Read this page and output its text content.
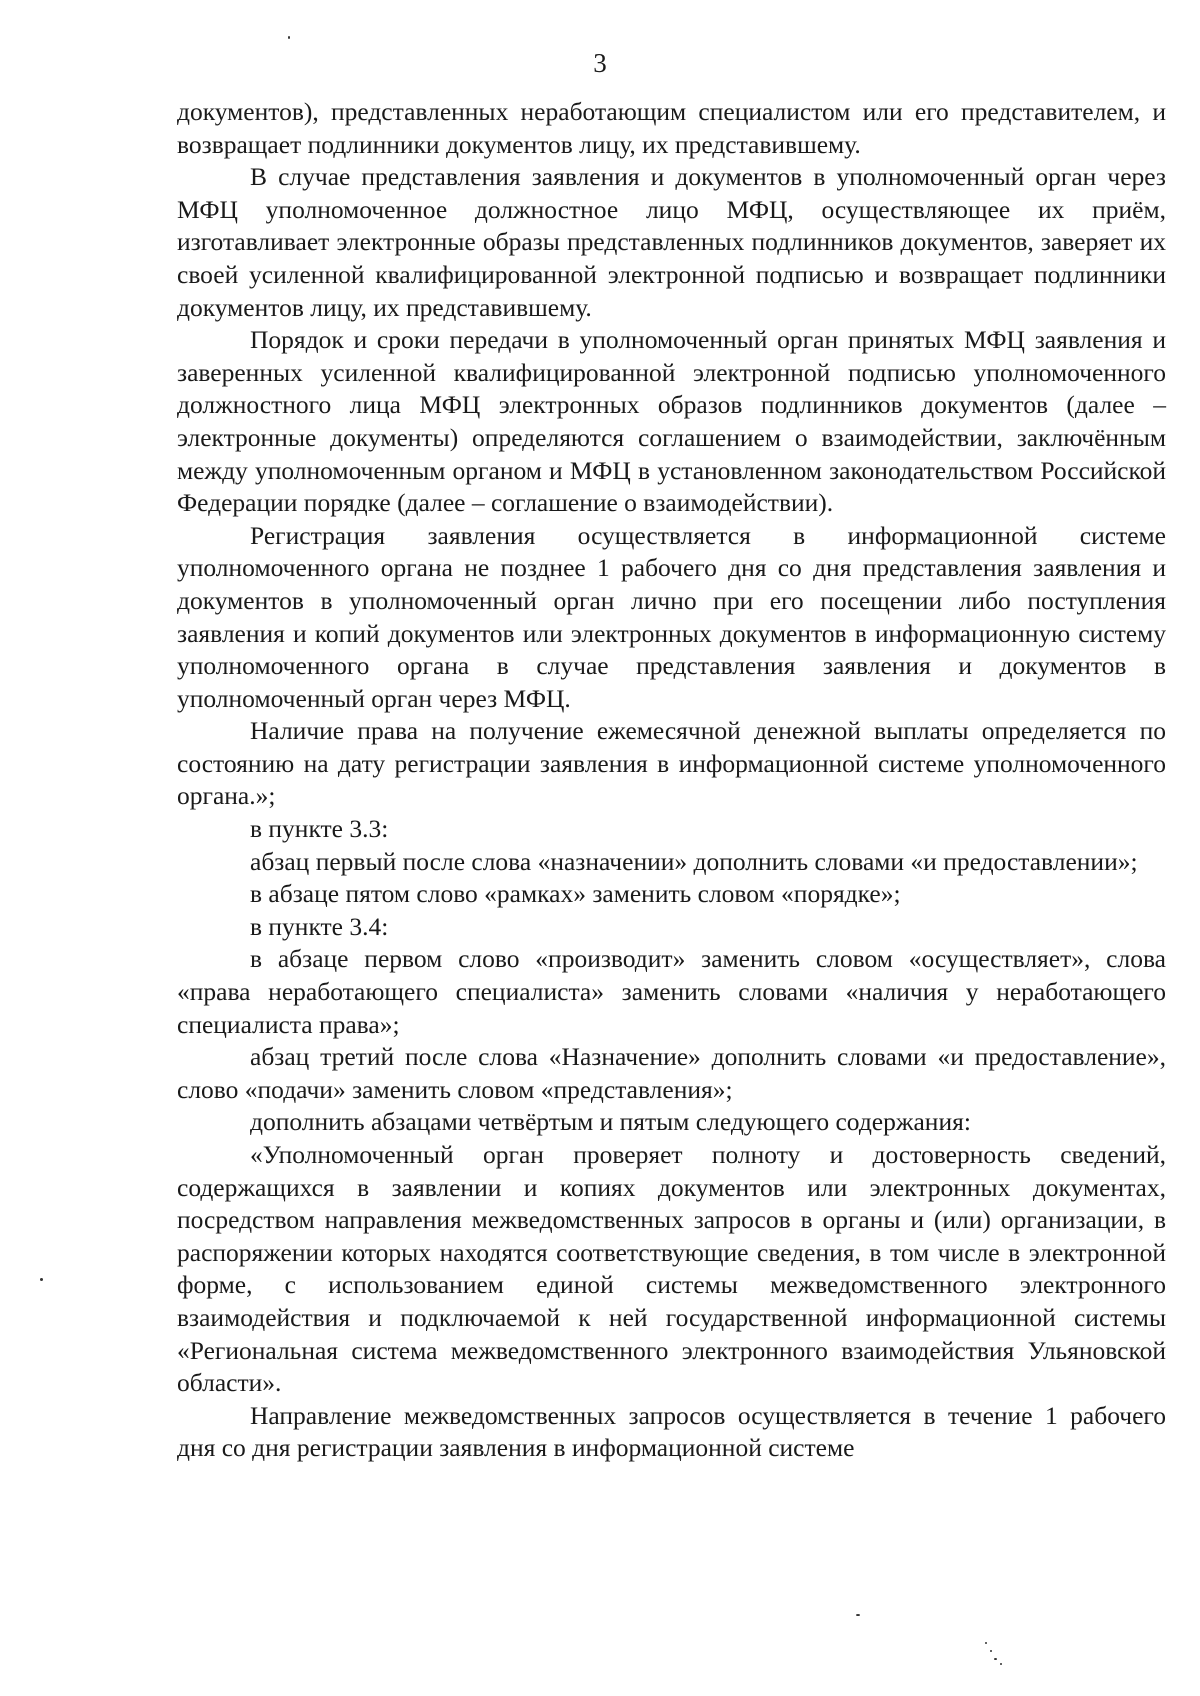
3

документов), представленных неработающим специалистом или его представителем, и возвращает подлинники документов лицу, их представившему.

В случае представления заявления и документов в уполномоченный орган через МФЦ уполномоченное должностное лицо МФЦ, осуществляющее их приём, изготавливает электронные образы представленных подлинников документов, заверяет их своей усиленной квалифицированной электронной подписью и возвращает подлинники документов лицу, их представившему.

Порядок и сроки передачи в уполномоченный орган принятых МФЦ заявления и заверенных усиленной квалифицированной электронной подписью уполномоченного должностного лица МФЦ электронных образов подлинников документов (далее – электронные документы) определяются соглашением о взаимодействии, заключённым между уполномоченным органом и МФЦ в установленном законодательством Российской Федерации порядке (далее – соглашение о взаимодействии).

Регистрация заявления осуществляется в информационной системе уполномоченного органа не позднее 1 рабочего дня со дня представления заявления и документов в уполномоченный орган лично при его посещении либо поступления заявления и копий документов или электронных документов в информационную систему уполномоченного органа в случае представления заявления и документов в уполномоченный орган через МФЦ.

Наличие права на получение ежемесячной денежной выплаты определяется по состоянию на дату регистрации заявления в информационной системе уполномоченного органа.»;

в пункте 3.3:

абзац первый после слова «назначении» дополнить словами «и предоставлении»;

в абзаце пятом слово «рамках» заменить словом «порядке»;

в пункте 3.4:

в абзаце первом слово «производит» заменить словом «осуществляет», слова «права неработающего специалиста» заменить словами «наличия у неработающего специалиста права»;

абзац третий после слова «Назначение» дополнить словами «и предоставление», слово «подачи» заменить словом «представления»;

дополнить абзацами четвёртым и пятым следующего содержания:

«Уполномоченный орган проверяет полноту и достоверность сведений, содержащихся в заявлении и копиях документов или электронных документах, посредством направления межведомственных запросов в органы и (или) организации, в распоряжении которых находятся соответствующие сведения, в том числе в электронной форме, с использованием единой системы межведомственного электронного взаимодействия и подключаемой к ней государственной информационной системы «Региональная система межведомственного электронного взаимодействия Ульяновской области».

Направление межведомственных запросов осуществляется в течение 1 рабочего дня со дня регистрации заявления в информационной системе
